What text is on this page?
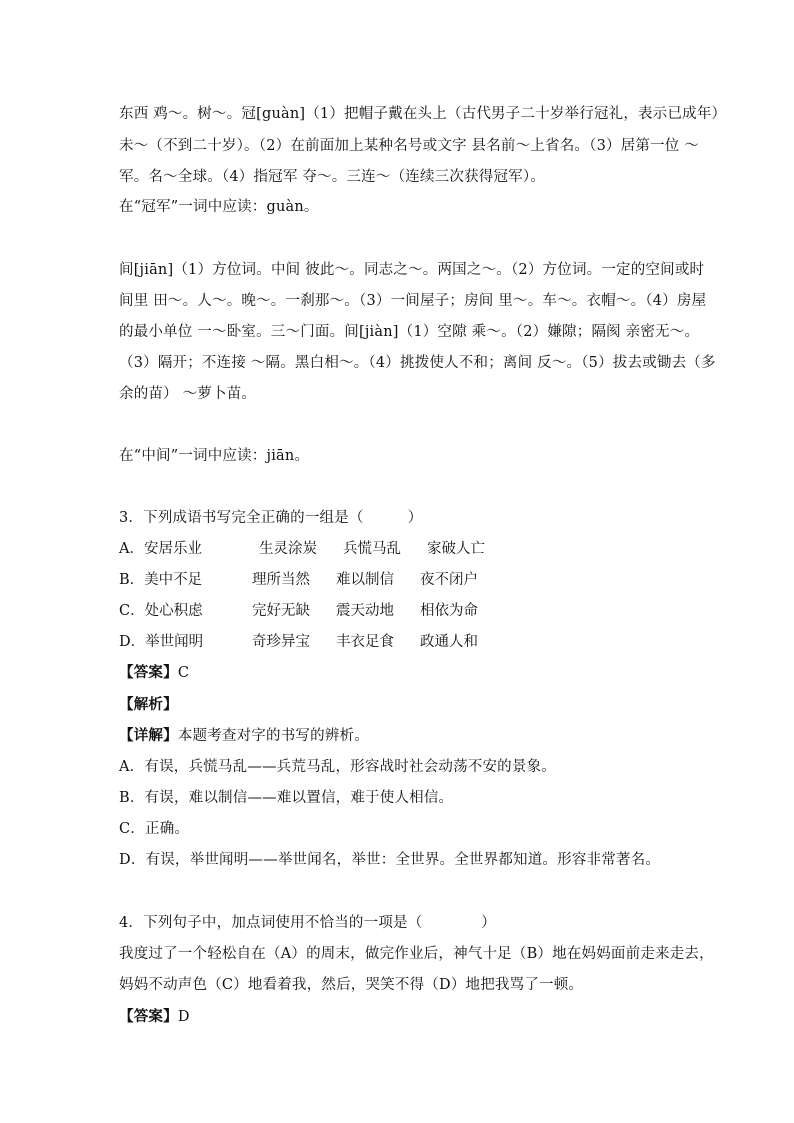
东西 鸡～。树～。冠[guàn]（1）把帽子戴在头上（古代男子二十岁举行冠礼，表示已成年）
未～（不到二十岁）。（2）在前面加上某种名号或文字 县名前～上省名。（3）居第一位 ～
军。名～全球。（4）指冠军 夺～。三连～（连续三次获得冠军）。
在“冠军”一词中应读：guàn。
间[jiān]（1）方位词。中间 彼此～。同志之～。两国之～。（2）方位词。一定的空间或时
间里 田～。人～。晚～。一刹那～。（3）一间屋子；房间 里～。车～。衣帽～。（4）房屋
的最小单位 一～卧室。三～门面。间[jiàn]（1）空隙 乘～。（2）嫌隙；隔阂 亲密无～。
（3）隔开；不连接 ～隔。黑白相～。（4）挑拨使人不和；离间 反～。（5）拔去或锄去（多
余的苗） ～萝卜苗。
在“中间”一词中应读：jiān。
3．下列成语书写完全正确的一组是（　　　）
A．安居乐业	生灵涂炭 兵慌马乱 家破人亡
B．美中不足	理所当然 难以制信 夜不闭户
C．处心积虑	完好无缺 震天动地 相依为命
D．举世闻明	奇珍异宝 丰衣足食 政通人和
【答案】C
【解析】
【详解】本题考查对字的书写的辨析。
A．有误，兵慌马乱——兵荒马乱，形容战时社会动荡不安的景象。
B．有误，难以制信——难以置信，难于使人相信。
C．正确。
D．有误，举世闻明——举世闻名，举世：全世界。全世界都知道。形容非常著名。
4．下列句子中，加点词使用不恰当的一项是（　　　　）
我度过了一个轻松自在（A）的周末，做完作业后，神气十足（B）地在妈妈面前走来走去，
妈妈不动声色（C）地看着我，然后，哭笑不得（D）地把我骂了一顿。
【答案】D
